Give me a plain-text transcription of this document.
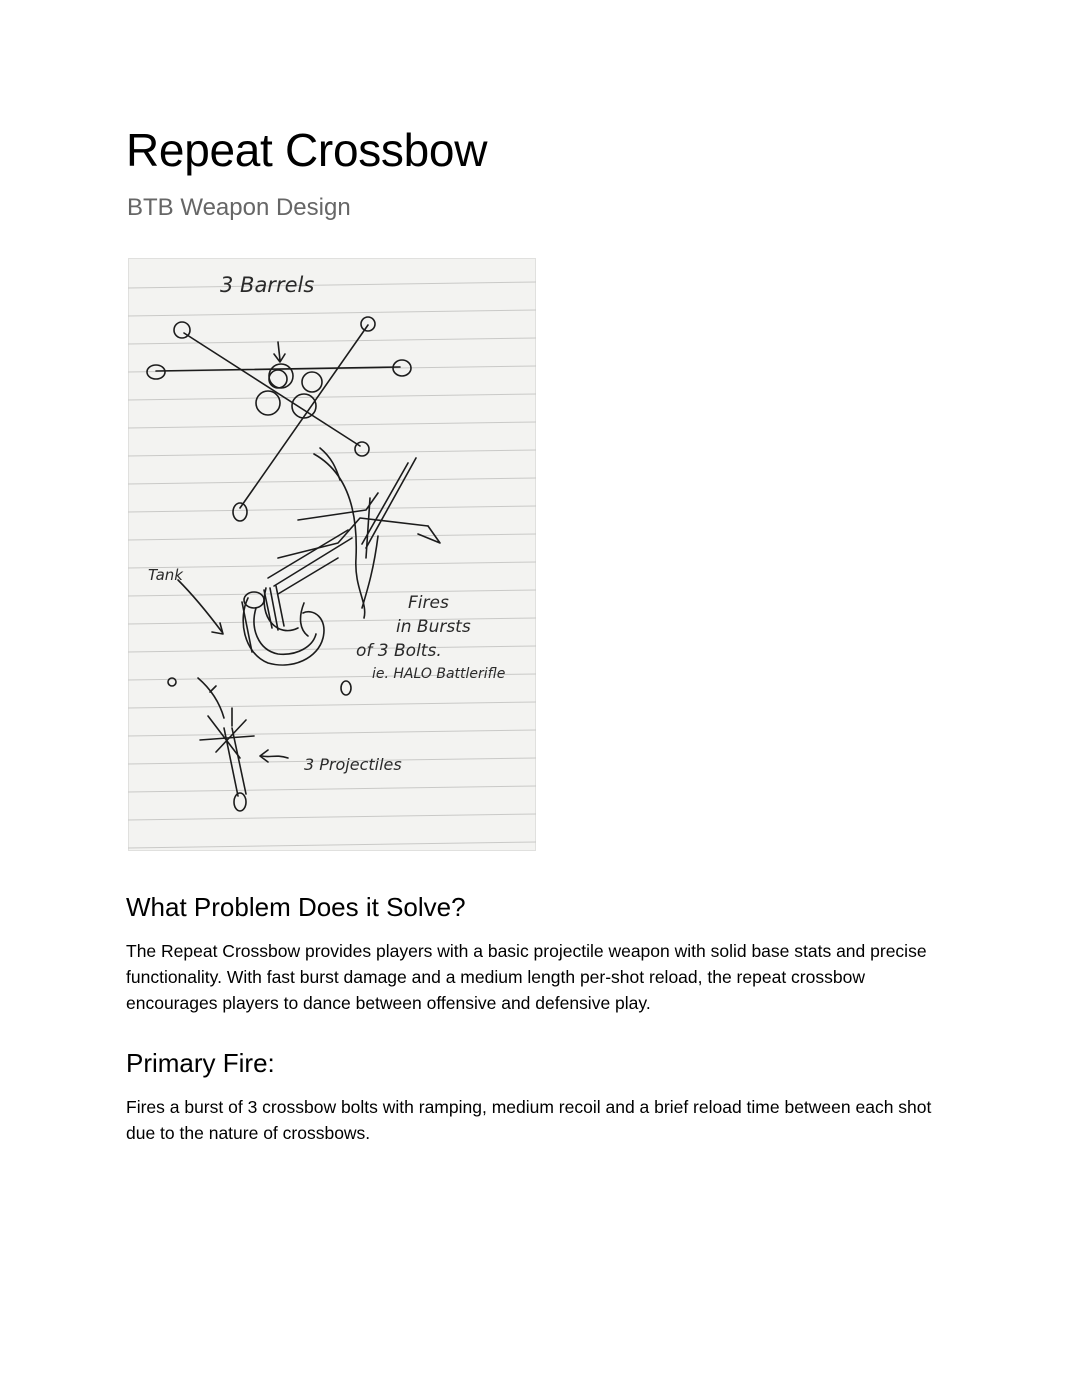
Repeat Crossbow
BTB Weapon Design
3 Barrels
Tank
Fires
in Bursts
of 3 Bolts.
ie. HALO Battlerifle
3 Projectiles
What Problem Does it Solve?

The Repeat Crossbow provides players with a basic projectile weapon with solid base stats and precise functionality. With fast burst damage and a medium length per-shot reload, the repeat crossbow encourages players to dance between offensive and defensive play.

Primary Fire:

Fires a burst of 3 crossbow bolts with ramping, medium recoil and a brief reload time between each shot due to the nature of crossbows.
